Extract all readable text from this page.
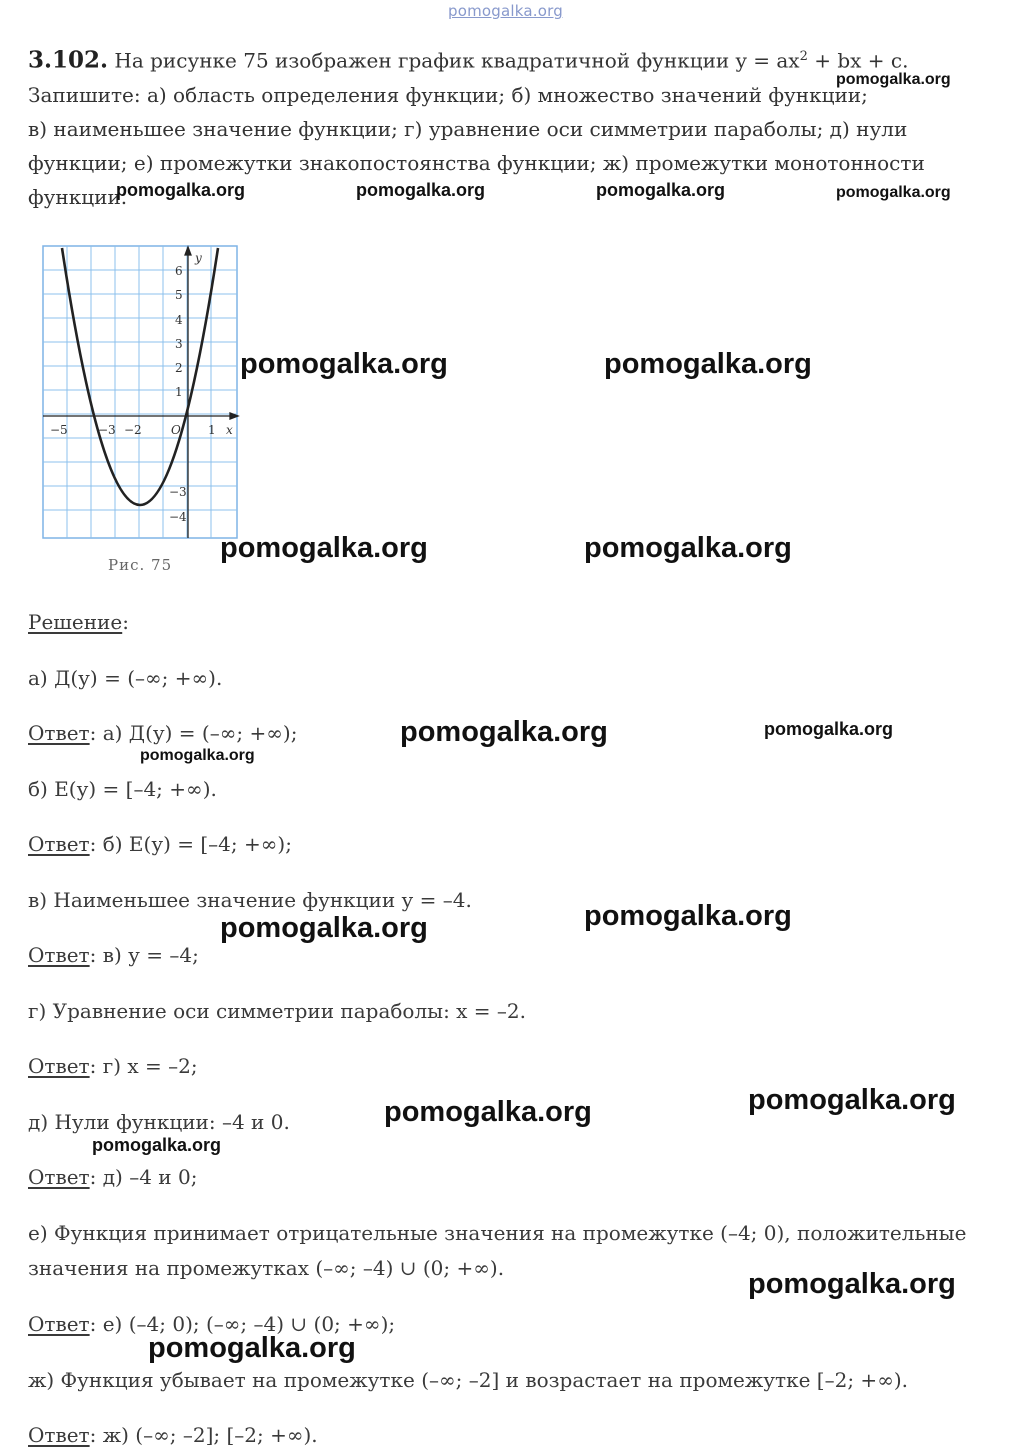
pomogalka.org
3.102. На рисунке 75 изображен график квадратичной функции $y = ax^2$ + bx + c.
Запишите: а) область определения функции; б) множество значений функции;
в) наименьшее значение функции; г) уравнение оси симметрии параболы; д) нули
функции; е) промежутки знакопостоянства функции; ж) промежутки монотонности
функции.
−5	−3 −2	1
O	x
y
6
5
4
3
2
1
−3
−4
Рис. 75
Решение:
а) Д(у) = (–∞; +∞).
Ответ: а) Д(у) = (–∞; +∞);
б) Е(у) = [–4; +∞).
Ответ: б) Е(у) = [–4; +∞);
в) Наименьшее значение функции у = –4.
Ответ: в) у = –4;
г) Уравнение оси симметрии параболы: х = –2.
Ответ: г) х = –2;
д) Нули функции: –4 и 0.
Ответ: д) –4 и 0;
е) Функция принимает отрицательные значения на промежутке (–4; 0), положительные
значения на промежутках (–∞; –4) ∪ (0; +∞).
Ответ: е) (–4; 0); (–∞; –4) ∪ (0; +∞);
ж) Функция убывает на промежутке (–∞; –2] и возрастает на промежутке [–2; +∞).
Ответ: ж) (–∞; –2]; [–2; +∞).
pomogalka.org
pomogalka.org	pomogalka.org	pomogalka.org	pomogalka.org
pomogalka.org	pomogalka.org
pomogalka.org	pomogalka.org
pomogalka.org	pomogalka.org
pomogalka.org
pomogalka.org
pomogalka.org
pomogalka.org
pomogalka.org
pomogalka.org
pomogalka.org
pomogalka.org
